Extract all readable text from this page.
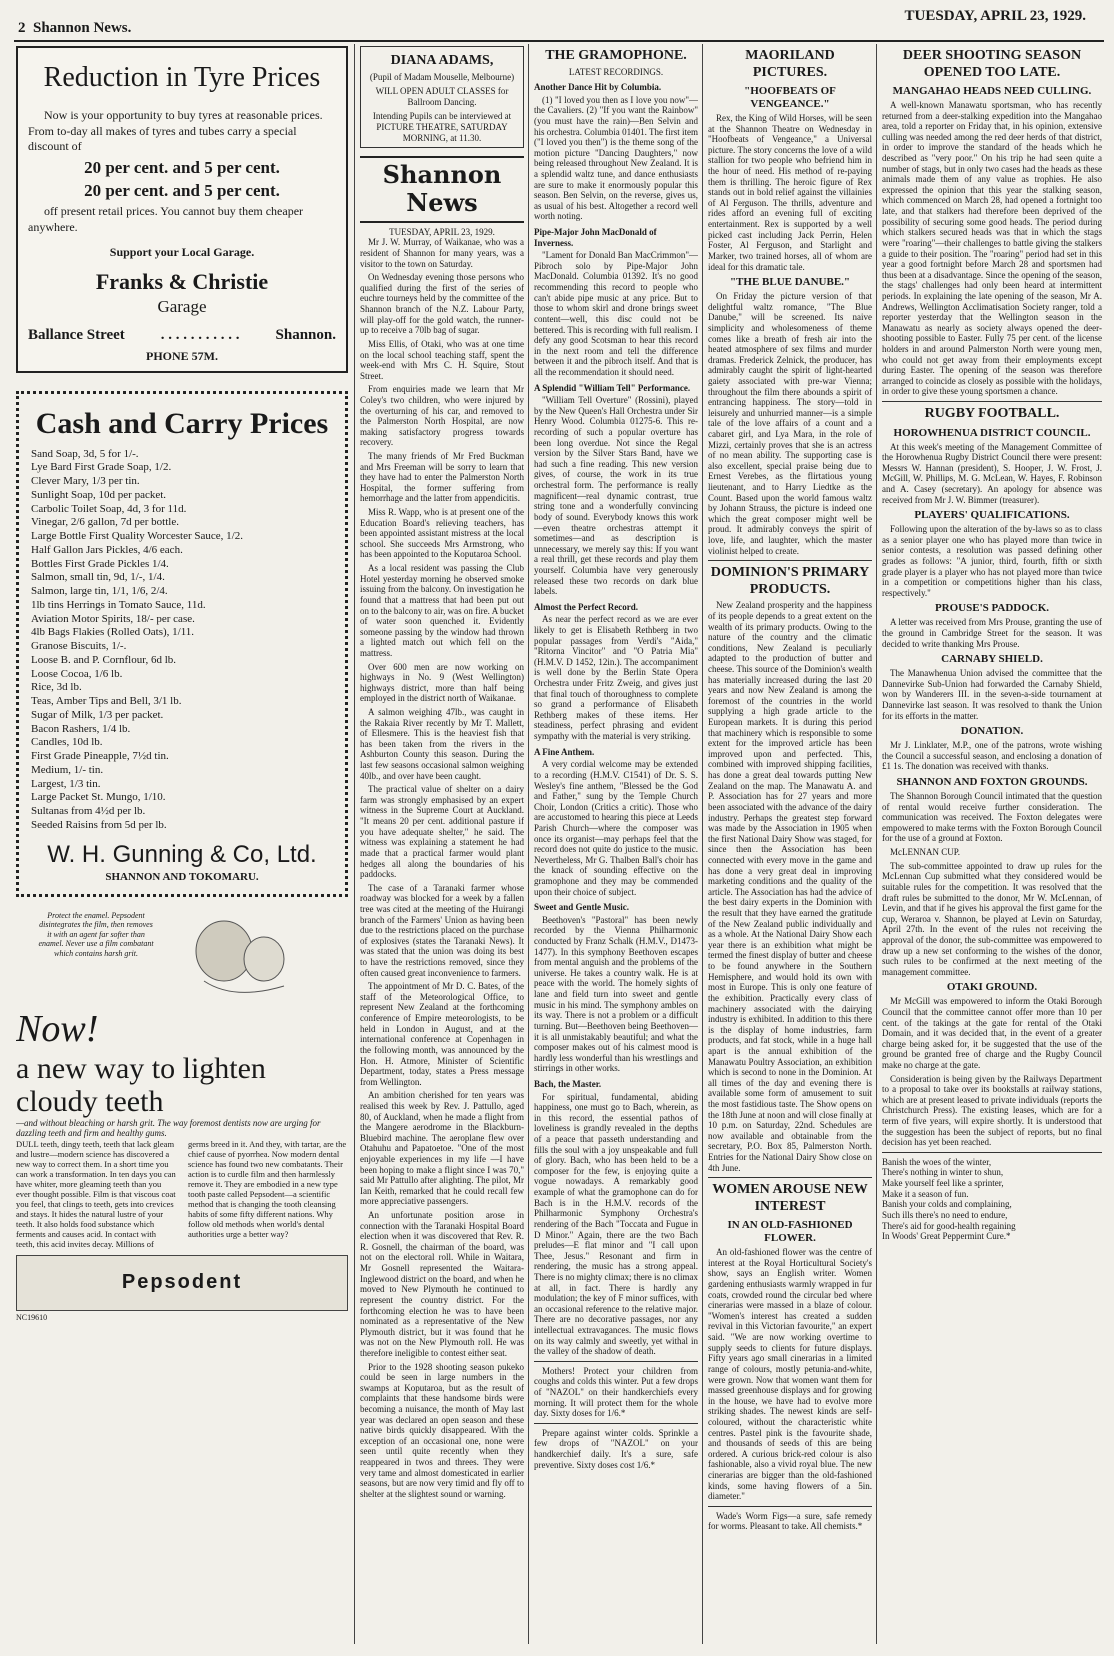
2 Shannon News.
TUESDAY, APRIL 23, 1929.
Reduction in Tyre Prices
Now is your opportunity to buy tyres at reasonable prices. From to-day all makes of tyres and tubes carry a special discount of
20 per cent. and 5 per cent.
20 per cent. and 5 per cent.
off present retail prices. You cannot buy them cheaper anywhere.
Support your Local Garage.
Franks & Christie
Garage
Ballance Street . . . . . . . . . . . Shannon.
PHONE 57M.
Cash and Carry Prices
Sand Soap, 3d, 5 for 1/-.
Lye Bard First Grade Soap, 1/2.
Clever Mary, 1/3 per tin.
Sunlight Soap, 10d per packet.
Carbolic Toilet Soap, 4d, 3 for 11d.
Vinegar, 2/6 gallon, 7d per bottle.
Large Bottle First Quality Worcester Sauce, 1/2.
Half Gallon Jars Pickles, 4/6 each.
Bottles First Grade Pickles 1/4.
Salmon, small tin, 9d, 1/-, 1/4.
Salmon, large tin, 1/1, 1/6, 2/4.
1lb tins Herrings in Tomato Sauce, 11d.
Aviation Motor Spirits, 18/- per case.
4lb Bags Flakies (Rolled Oats), 1/11.
Granose Biscuits, 1/-.
Loose B. and P. Cornflour, 6d lb.
Loose Cocoa, 1/6 lb.
Rice, 3d lb.
Teas, Amber Tips and Bell, 3/1 lb.
Sugar of Milk, 1/3 per packet.
Bacon Rashers, 1/4 lb.
Candles, 10d lb.
First Grade Pineapple, 7½d tin.
Medium, 1/- tin.
Largest, 1/3 tin.
Large Packet St. Mungo, 1/10.
Sultanas from 4½d per lb.
Seeded Raisins from 5d per lb.
W. H. Gunning & Co, Ltd.
SHANNON AND TOKOMARU.
Protect the enamel. Pepsodent disintegrates the film, then removes it with an agent far softer than enamel. Never use a film combatant which contains harsh grit.
Now!
a new way to lighten cloudy teeth
—and without bleaching or harsh grit. The way foremost dentists now are urging for dazzling teeth and firm and healthy gums.
DULL teeth, dingy teeth, teeth that lack gleam and lustre—modern science has discovered a new way to correct them. In a short time you can work a transformation. In ten days you can have whiter, more gleaming teeth than you ever thought possible. Film is that viscous coat you feel, that clings to teeth, gets into crevices and stays. It hides the natural lustre of your teeth. It also holds food substance which ferments and causes acid. In contact with teeth, this acid invites decay. Millions of germs breed in it. And they, with tartar, are the chief cause of pyorrhea. Now modern dental science has found two new combatants. Their action is to curdle film and then harmlessly remove it. They are embodied in a new type tooth paste called Pepsodent—a scientific method that is changing the tooth cleansing habits of some fifty different nations. Why follow old methods when world's dental authorities urge a better way?
Pepsodent
NC19610
DIANA ADAMS,
(Pupil of Madam Mouselle, Melbourne)
WILL OPEN ADULT CLASSES for Ballroom Dancing.
Intending Pupils can be interviewed at PICTURE THEATRE, SATURDAY MORNING, at 11.30.
Shannon News
TUESDAY, APRIL 23, 1929.

Mr J. W. Murray, of Waikanae, who was a resident of Shannon for many years, was a visitor to the town on Saturday.

On Wednesday evening those persons who qualified during the first of the series of euchre tourneys held by the committee of the Shannon branch of the N.Z. Labour Party, will play-off for the gold watch, the runner-up to receive a 70lb bag of sugar.

Miss Ellis, of Otaki, who was at one time on the local school teaching staff, spent the week-end with Mrs C. H. Squire, Stout Street.

From enquiries made we learn that Mr Coley's two children, who were injured by the overturning of his car, and removed to the Palmerston North Hospital, are now making satisfactory progress towards recovery.

The many friends of Mr Fred Buckman and Mrs Freeman will be sorry to learn that they have had to enter the Palmerston North Hospital, the former suffering from hemorrhage and the latter from appendicitis.

Miss R. Wapp, who is at present one of the Education Board's relieving teachers, has been appointed assistant mistress at the local school. She succeeds Mrs Armstrong, who has been appointed to the Koputaroa School.

As a local resident was passing the Club Hotel yesterday morning he observed smoke issuing from the balcony. On investigation he found that a mattress that had been put out on to the balcony to air, was on fire. A bucket of water soon quenched it. Evidently someone passing by the window had thrown a lighted match out which fell on the mattress.

Over 600 men are now working on highways in No. 9 (West Wellington) highways district, more than half being employed in the district north of Waikanae.

A salmon weighing 47lb., was caught in the Rakaia River recently by Mr T. Mallett, of Ellesmere. This is the heaviest fish that has been taken from the rivers in the Ashburton County this season. During the last few seasons occasional salmon weighing 40lb., and over have been caught.

The practical value of shelter on a dairy farm was strongly emphasised by an expert witness in the Supreme Court at Auckland. "It means 20 per cent. additional pasture if you have adequate shelter," he said. The witness was explaining a statement he had made that a practical farmer would plant hedges all along the boundaries of his paddocks.

The case of a Taranaki farmer whose roadway was blocked for a week by a fallen tree was cited at the meeting of the Huirangi branch of the Farmers' Union as having been due to the restrictions placed on the purchase of explosives (states the Taranaki News). It was stated that the union was doing its best to have the restrictions removed, since they often caused great inconvenience to farmers.

The appointment of Mr D. C. Bates, of the staff of the Meteorological Office, to represent New Zealand at the forthcoming conference of Empire meteorologists, to be held in London in August, and at the international conference at Copenhagen in the following month, was announced by the Hon. H. Atmore, Minister of Scientific Department, today, states a Press message from Wellington.

An ambition cherished for ten years was realised this week by Rev. J. Pattullo, aged 80, of Auckland, when he made a flight from the Mangere aerodrome in the Blackburn-Bluebird machine. The aeroplane flew over Otahuhu and Papatoetoe. "One of the most enjoyable experiences in my life —I have been hoping to make a flight since I was 70," said Mr Pattullo after alighting. The pilot, Mr Ian Keith, remarked that he could recall few more appreciative passengers.

An unfortunate position arose in connection with the Taranaki Hospital Board election when it was discovered that Rev. R. R. Gosnell, the chairman of the board, was not on the electoral roll. While in Waitara, Mr Gosnell represented the Waitara-Inglewood district on the board, and when he moved to New Plymouth he continued to represent the country district. For the forthcoming election he was to have been nominated as a representative of the New Plymouth district, but it was found that he was not on the New Plymouth roll. He was therefore ineligible to contest either seat.

Prior to the 1928 shooting season pukeko could be seen in large numbers in the swamps at Koputaroa, but as the result of complaints that these handsome birds were becoming a nuisance, the month of May last year was declared an open season and these native birds quickly disappeared. With the exception of an occasional one, none were seen until quite recently when they reappeared in twos and threes. They were very tame and almost domesticated in earlier seasons, but are now very timid and fly off to shelter at the slightest sound or warning.

THE GRAMOPHONE.
LATEST RECORDINGS.
Another Dance Hit by Columbia.

(1) "I loved you then as I love you now"—the Cavaliers. (2) "If you want the Rainbow" (you must have the rain)—Ben Selvin and his orchestra. Columbia 01401. The first item ("I loved you then") is the theme song of the motion picture "Dancing Daughters," now being released throughout New Zealand. It is a splendid waltz tune, and dance enthusiasts are sure to make it enormously popular this season. Ben Selvin, on the reverse, gives us, as usual of his best. Altogether a record well worth noting.

Pipe-Major John MacDonald of Inverness.

"Lament for Donald Ban MacCrimmon"—Pibroch solo by Pipe-Major John MacDonald. Columbia 01392. It's no good recommending this record to people who can't abide pipe music at any price. But to those to whom skirl and drone brings sweet content—well, this disc could not be bettered. This is recording with full realism. I defy any good Scotsman to hear this record in the next room and tell the difference between it and the pibroch itself. And that is all the recommendation it should need.

A Splendid "William Tell" Performance.

"William Tell Overture" (Rossini), played by the New Queen's Hall Orchestra under Sir Henry Wood. Columbia 01275-6. This re-recording of such a popular overture has been long overdue. Not since the Regal version by the Silver Stars Band, have we had such a fine reading. This new version gives, of course, the work in its true orchestral form. The performance is really magnificent—real dynamic contrast, true string tone and a wonderfully convincing body of sound. Everybody knows this work—even theatre orchestras attempt it sometimes—and as description is unnecessary, we merely say this: If you want a real thrill, get these records and play them yourself. Columbia have very generously released these two records on dark blue labels.

Almost the Perfect Record.

As near the perfect record as we are ever likely to get is Elisabeth Rethberg in two popular passages from Verdi's "Aida," "Ritorna Vincitor" and "O Patria Mia" (H.M.V. D 1452, 12in.). The accompaniment is well done by the Berlin State Opera Orchestra under Fritz Zweig, and gives just that final touch of thoroughness to complete so grand a performance of Elisabeth Rethberg makes of these items. Her steadiness, perfect phrasing and evident sympathy with the material is very striking.

A Fine Anthem.

A very cordial welcome may be extended to a recording (H.M.V. C1541) of Dr. S. S. Wesley's fine anthem, "Blessed be the God and Father," sung by the Temple Church Choir, London (Critics a critic). Those who are accustomed to hearing this piece at Leeds Parish Church—where the composer was once its organist—may perhaps feel that the record does not quite do justice to the music. Nevertheless, Mr G. Thalben Ball's choir has the knack of sounding effective on the gramophone and they may be commended upon their choice of subject.

Sweet and Gentle Music.

Beethoven's "Pastoral" has been newly recorded by the Vienna Philharmonic conducted by Franz Schalk (H.M.V., D1473-1477). In this symphony Beethoven escapes from mental anguish and the problems of the universe. He takes a country walk. He is at peace with the world. The homely sights of lane and field turn into sweet and gentle music in his mind. The symphony ambles on its way. There is not a problem or a difficult turning. But—Beethoven being Beethoven—it is all unmistakably beautiful; and what the composer makes out of his calmest mood is hardly less wonderful than his wrestlings and stirrings in other works.

Bach, the Master.

For spiritual, fundamental, abiding happiness, one must go to Bach, wherein, as in this record, the essential pathos of loveliness is grandly revealed in the depths of a peace that passeth understanding and fills the soul with a joy unspeakable and full of glory. Bach, who has been held to be a composer for the few, is enjoying quite a vogue nowadays. A remarkably good example of what the gramophone can do for Bach is in the H.M.V. records of the Philharmonic Symphony Orchestra's rendering of the Bach "Toccata and Fugue in D Minor." Again, there are the two Bach preludes—E flat minor and "I call upon Thee, Jesus." Resonant and firm in rendering, the music has a strong appeal. There is no mighty climax; there is no climax at all, in fact. There is hardly any modulation; the key of F minor suffices, with an occasional reference to the relative major. There are no decorative passages, nor any intellectual extravagances. The music flows on its way calmly and sweetly, yet withal in the valley of the shadow of death.

Mothers! Protect your children from coughs and colds this winter. Put a few drops of "NAZOL" on their handkerchiefs every morning. It will protect them for the whole day. Sixty doses for 1/6.*

Prepare against winter colds. Sprinkle a few drops of "NAZOL" on your handkerchief daily. It's a sure, safe preventive. Sixty doses cost 1/6.*

MAORILAND PICTURES.
"HOOFBEATS OF VENGEANCE."

Rex, the King of Wild Horses, will be seen at the Shannon Theatre on Wednesday in "Hoofbeats of Vengeance," a Universal picture. The story concerns the love of a wild stallion for two people who befriend him in the hour of need. His method of re-paying them is thrilling. The heroic figure of Rex stands out in bold relief against the villainies of Al Ferguson. The thrills, adventure and rides afford an evening full of exciting entertainment. Rex is supported by a well picked cast including Jack Perrin, Helen Foster, Al Ferguson, and Starlight and Marker, two trained horses, all of whom are ideal for this dramatic tale.

"THE BLUE DANUBE."

On Friday the picture version of that delightful waltz romance, "The Blue Danube," will be screened. Its naive simplicity and wholesomeness of theme comes like a breath of fresh air into the heated atmosphere of sex films and murder dramas. Frederick Zelnick, the producer, has admirably caught the spirit of light-hearted gaiety associated with pre-war Vienna; throughout the film there abounds a spirit of entrancing happiness. The story—told in leisurely and unhurried manner—is a simple tale of the love affairs of a count and a cabaret girl, and Lya Mara, in the role of Mizzi, certainly proves that she is an actress of no mean ability. The supporting case is also excellent, special praise being due to Ernest Verebes, as the flirtatious young lieutenant, and to Harry Liedtke as the Count. Based upon the world famous waltz by Johann Strauss, the picture is indeed one which the great composer might well be proud. It admirably conveys the spirit of love, life, and laughter, which the master violinist helped to create.

DOMINION'S PRIMARY PRODUCTS.

New Zealand prosperity and the happiness of its people depends to a great extent on the wealth of its primary products. Owing to the nature of the country and the climatic conditions, New Zealand is peculiarly adapted to the production of butter and cheese. This source of the Dominion's wealth has materially increased during the last 20 years and now New Zealand is among the foremost of the countries in the world supplying a high grade article to the European markets. It is during this period that machinery which is responsible to some extent for the improved article has been improved upon and perfected. This, combined with improved shipping facilities, has done a great deal towards putting New Zealand on the map. The Manawatu A. and P. Association has for 27 years and more been associated with the advance of the dairy industry. Perhaps the greatest step forward was made by the Association in 1905 when the first National Dairy Show was staged, for since then the Association has been connected with every move in the game and has done a very great deal in improving marketing conditions and the quality of the article. The Association has had the advice of the best dairy experts in the Dominion with the result that they have earned the gratitude of the New Zealand public individually and as a whole. At the National Dairy Show each year there is an exhibition what might be termed the finest display of butter and cheese to be found anywhere in the Southern Hemisphere, and would hold its own with most in Europe. This is only one feature of the exhibition. Practically every class of machinery associated with the dairying industry is exhibited. In addition to this there is the display of home industries, farm products, and fat stock, while in a huge hall apart is the annual exhibition of the Manawatu Poultry Association, an exhibition which is second to none in the Dominion. At all times of the day and evening there is available some form of amusement to suit the most fastidious taste. The Show opens on the 18th June at noon and will close finally at 10 p.m. on Saturday, 22nd. Schedules are now available and obtainable from the secretary, P.O. Box 85, Palmerston North. Entries for the National Dairy Show close on 4th June.

WOMEN AROUSE NEW INTEREST
IN AN OLD-FASHIONED FLOWER.

An old-fashioned flower was the centre of interest at the Royal Horticultural Society's show, says an English writer. Women gardening enthusiasts warmly wrapped in fur coats, crowded round the circular bed where cinerarias were massed in a blaze of colour. "Women's interest has created a sudden revival in this Victorian favourite," an expert said. "We are now working overtime to supply seeds to clients for future displays. Fifty years ago small cinerarias in a limited range of colours, mostly petunia-and-white, were grown. Now that women want them for massed greenhouse displays and for growing in the house, we have had to evolve more striking shades. The newest kinds are self-coloured, without the characteristic white centres. Pastel pink is the favourite shade, and thousands of seeds of this are being ordered. A curious brick-red colour is also fashionable, also a vivid royal blue. The new cinerarias are bigger than the old-fashioned kinds, some having flowers of a 5in. diameter."

Wade's Worm Figs—a sure, safe remedy for worms. Pleasant to take. All chemists.*

DEER SHOOTING SEASON OPENED TOO LATE.
MANGAHAO HEADS NEED CULLING.

A well-known Manawatu sportsman, who has recently returned from a deer-stalking expedition into the Mangahao area, told a reporter on Friday that, in his opinion, extensive culling was needed among the red deer herds of that district, in order to improve the standard of the heads which he described as "very poor." On his trip he had seen quite a number of stags, but in only two cases had the heads as these animals made them of any value as trophies. He also expressed the opinion that this year the stalking season, which commenced on March 28, had opened a fortnight too late, and that stalkers had therefore been deprived of the possibility of securing some good heads. The period during which stalkers secured heads was that in which the stags were "roaring"—their challenges to battle giving the stalkers a guide to their position. The "roaring" period had set in this year a good fortnight before March 28 and sportsmen had thus been at a disadvantage. Since the opening of the season, the stags' challenges had only been heard at intermittent periods. In explaining the late opening of the season, Mr A. Andrews, Wellington Acclimatisation Society ranger, told a reporter yesterday that the Wellington season in the Manawatu as nearly as society always opened the deer-shooting possible to Easter. Fully 75 per cent. of the license holders in and around Palmerston North were young men, who could not get away from their employments except during Easter. The opening of the season was therefore arranged to coincide as closely as possible with the holidays, in order to give these young sportsmen a chance.

RUGBY FOOTBALL.
HOROWHENUA DISTRICT COUNCIL.

At this week's meeting of the Management Committee of the Horowhenua Rugby District Council there were present: Messrs W. Hannan (president), S. Hooper, J. W. Frost, J. McGill, W. Phillips, M. G. McLean, W. Hayes, F. Robinson and A. Casey (secretary). An apology for absence was received from Mr J. W. Bimmer (treasurer).

PLAYERS' QUALIFICATIONS.

Following upon the alteration of the by-laws so as to class as a senior player one who has played more than twice in senior contests, a resolution was passed defining other grades as follows: "A junior, third, fourth, fifth or sixth grade player is a player who has not played more than twice in a competition or competitions higher than his class, respectively."

PROUSE'S PADDOCK.

A letter was received from Mrs Prouse, granting the use of the ground in Cambridge Street for the season. It was decided to write thanking Mrs Prouse.

CARNABY SHIELD.

The Manawhenua Union advised the committee that the Dannevirke Sub-Union had forwarded the Carnaby Shield, won by Wanderers III. in the seven-a-side tournament at Dannevirke last season. It was resolved to thank the Union for its efforts in the matter.

DONATION.

Mr J. Linklater, M.P., one of the patrons, wrote wishing the Council a successful season, and enclosing a donation of £1 1s. The donation was received with thanks.

SHANNON AND FOXTON GROUNDS.

The Shannon Borough Council intimated that the question of rental would receive further consideration. The communication was received. The Foxton delegates were empowered to make terms with the Foxton Borough Council for the use of a ground at Foxton.

McLENNAN CUP.

The sub-committee appointed to draw up rules for the McLennan Cup submitted what they considered would be suitable rules for the competition. It was resolved that the draft rules be submitted to the donor, Mr W. McLennan, of Levin, and that if he gives his approval the first game for the cup, Weraroa v. Shannon, be played at Levin on Saturday, April 27th. In the event of the rules not receiving the approval of the donor, the sub-committee was empowered to draw up a new set conforming to the wishes of the donor, such rules to be confirmed at the next meeting of the management committee.

OTAKI GROUND.

Mr McGill was empowered to inform the Otaki Borough Council that the committee cannot offer more than 10 per cent. of the takings at the gate for rental of the Otaki Domain, and it was decided that, in the event of a greater charge being asked for, it be suggested that the use of the ground be granted free of charge and the Rugby Council make no charge at the gate.

Consideration is being given by the Railways Department to a proposal to take over its bookstalls at railway stations, which are at present leased to private individuals (reports the Christchurch Press). The existing leases, which are for a term of five years, will expire shortly. It is understood that the suggestion has been the subject of reports, but no final decision has yet been reached.

Banish the woes of the winter,
There's nothing in winter to shun,
Make yourself feel like a sprinter,
Make it a season of fun.
Banish your colds and complaining,
Such ills there's no need to endure,
There's aid for good-health regaining
In Woods' Great Peppermint Cure.*
